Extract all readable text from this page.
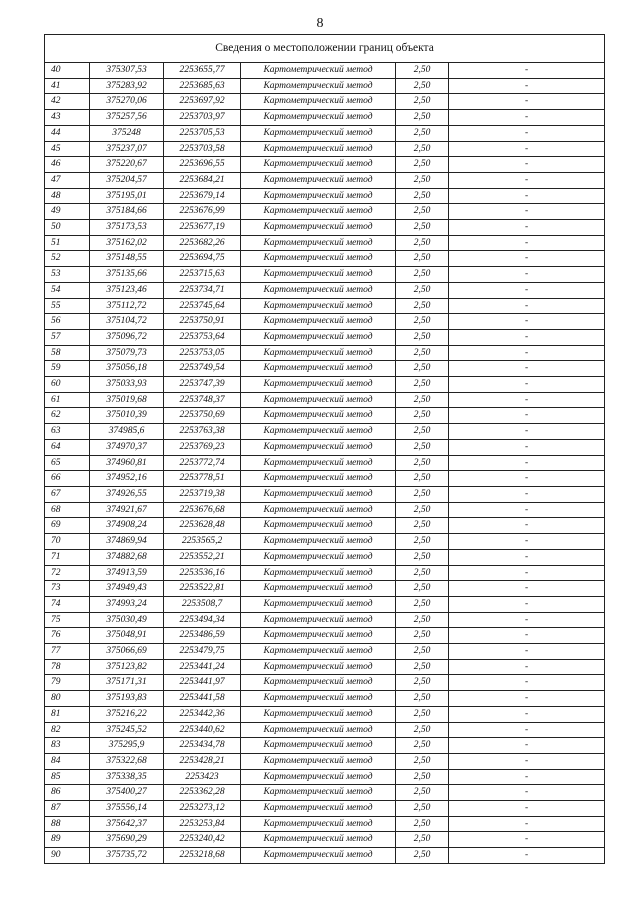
8
Сведения о местоположении границ объекта					
40	375307,53	2253655,77	Картометрический метод	2,50	-
41	375283,92	2253685,63	Картометрический метод	2,50	-
42	375270,06	2253697,92	Картометрический метод	2,50	-
43	375257,56	2253703,97	Картометрический метод	2,50	-
44	375248	2253705,53	Картометрический метод	2,50	-
45	375237,07	2253703,58	Картометрический метод	2,50	-
46	375220,67	2253696,55	Картометрический метод	2,50	-
47	375204,57	2253684,21	Картометрический метод	2,50	-
48	375195,01	2253679,14	Картометрический метод	2,50	-
49	375184,66	2253676,99	Картометрический метод	2,50	-
50	375173,53	2253677,19	Картометрический метод	2,50	-
51	375162,02	2253682,26	Картометрический метод	2,50	-
52	375148,55	2253694,75	Картометрический метод	2,50	-
53	375135,66	2253715,63	Картометрический метод	2,50	-
54	375123,46	2253734,71	Картометрический метод	2,50	-
55	375112,72	2253745,64	Картометрический метод	2,50	-
56	375104,72	2253750,91	Картометрический метод	2,50	-
57	375096,72	2253753,64	Картометрический метод	2,50	-
58	375079,73	2253753,05	Картометрический метод	2,50	-
59	375056,18	2253749,54	Картометрический метод	2,50	-
60	375033,93	2253747,39	Картометрический метод	2,50	-
61	375019,68	2253748,37	Картометрический метод	2,50	-
62	375010,39	2253750,69	Картометрический метод	2,50	-
63	374985,6	2253763,38	Картометрический метод	2,50	-
64	374970,37	2253769,23	Картометрический метод	2,50	-
65	374960,81	2253772,74	Картометрический метод	2,50	-
66	374952,16	2253778,51	Картометрический метод	2,50	-
67	374926,55	2253719,38	Картометрический метод	2,50	-
68	374921,67	2253676,68	Картометрический метод	2,50	-
69	374908,24	2253628,48	Картометрический метод	2,50	-
70	374869,94	2253565,2	Картометрический метод	2,50	-
71	374882,68	2253552,21	Картометрический метод	2,50	-
72	374913,59	2253536,16	Картометрический метод	2,50	-
73	374949,43	2253522,81	Картометрический метод	2,50	-
74	374993,24	2253508,7	Картометрический метод	2,50	-
75	375030,49	2253494,34	Картометрический метод	2,50	-
76	375048,91	2253486,59	Картометрический метод	2,50	-
77	375066,69	2253479,75	Картометрический метод	2,50	-
78	375123,82	2253441,24	Картометрический метод	2,50	-
79	375171,31	2253441,97	Картометрический метод	2,50	-
80	375193,83	2253441,58	Картометрический метод	2,50	-
81	375216,22	2253442,36	Картометрический метод	2,50	-
82	375245,52	2253440,62	Картометрический метод	2,50	-
83	375295,9	2253434,78	Картометрический метод	2,50	-
84	375322,68	2253428,21	Картометрический метод	2,50	-
85	375338,35	2253423	Картометрический метод	2,50	-
86	375400,27	2253362,28	Картометрический метод	2,50	-
87	375556,14	2253273,12	Картометрический метод	2,50	-
88	375642,37	2253253,84	Картометрический метод	2,50	-
89	375690,29	2253240,42	Картометрический метод	2,50	-
90	375735,72	2253218,68	Картометрический метод	2,50	-
